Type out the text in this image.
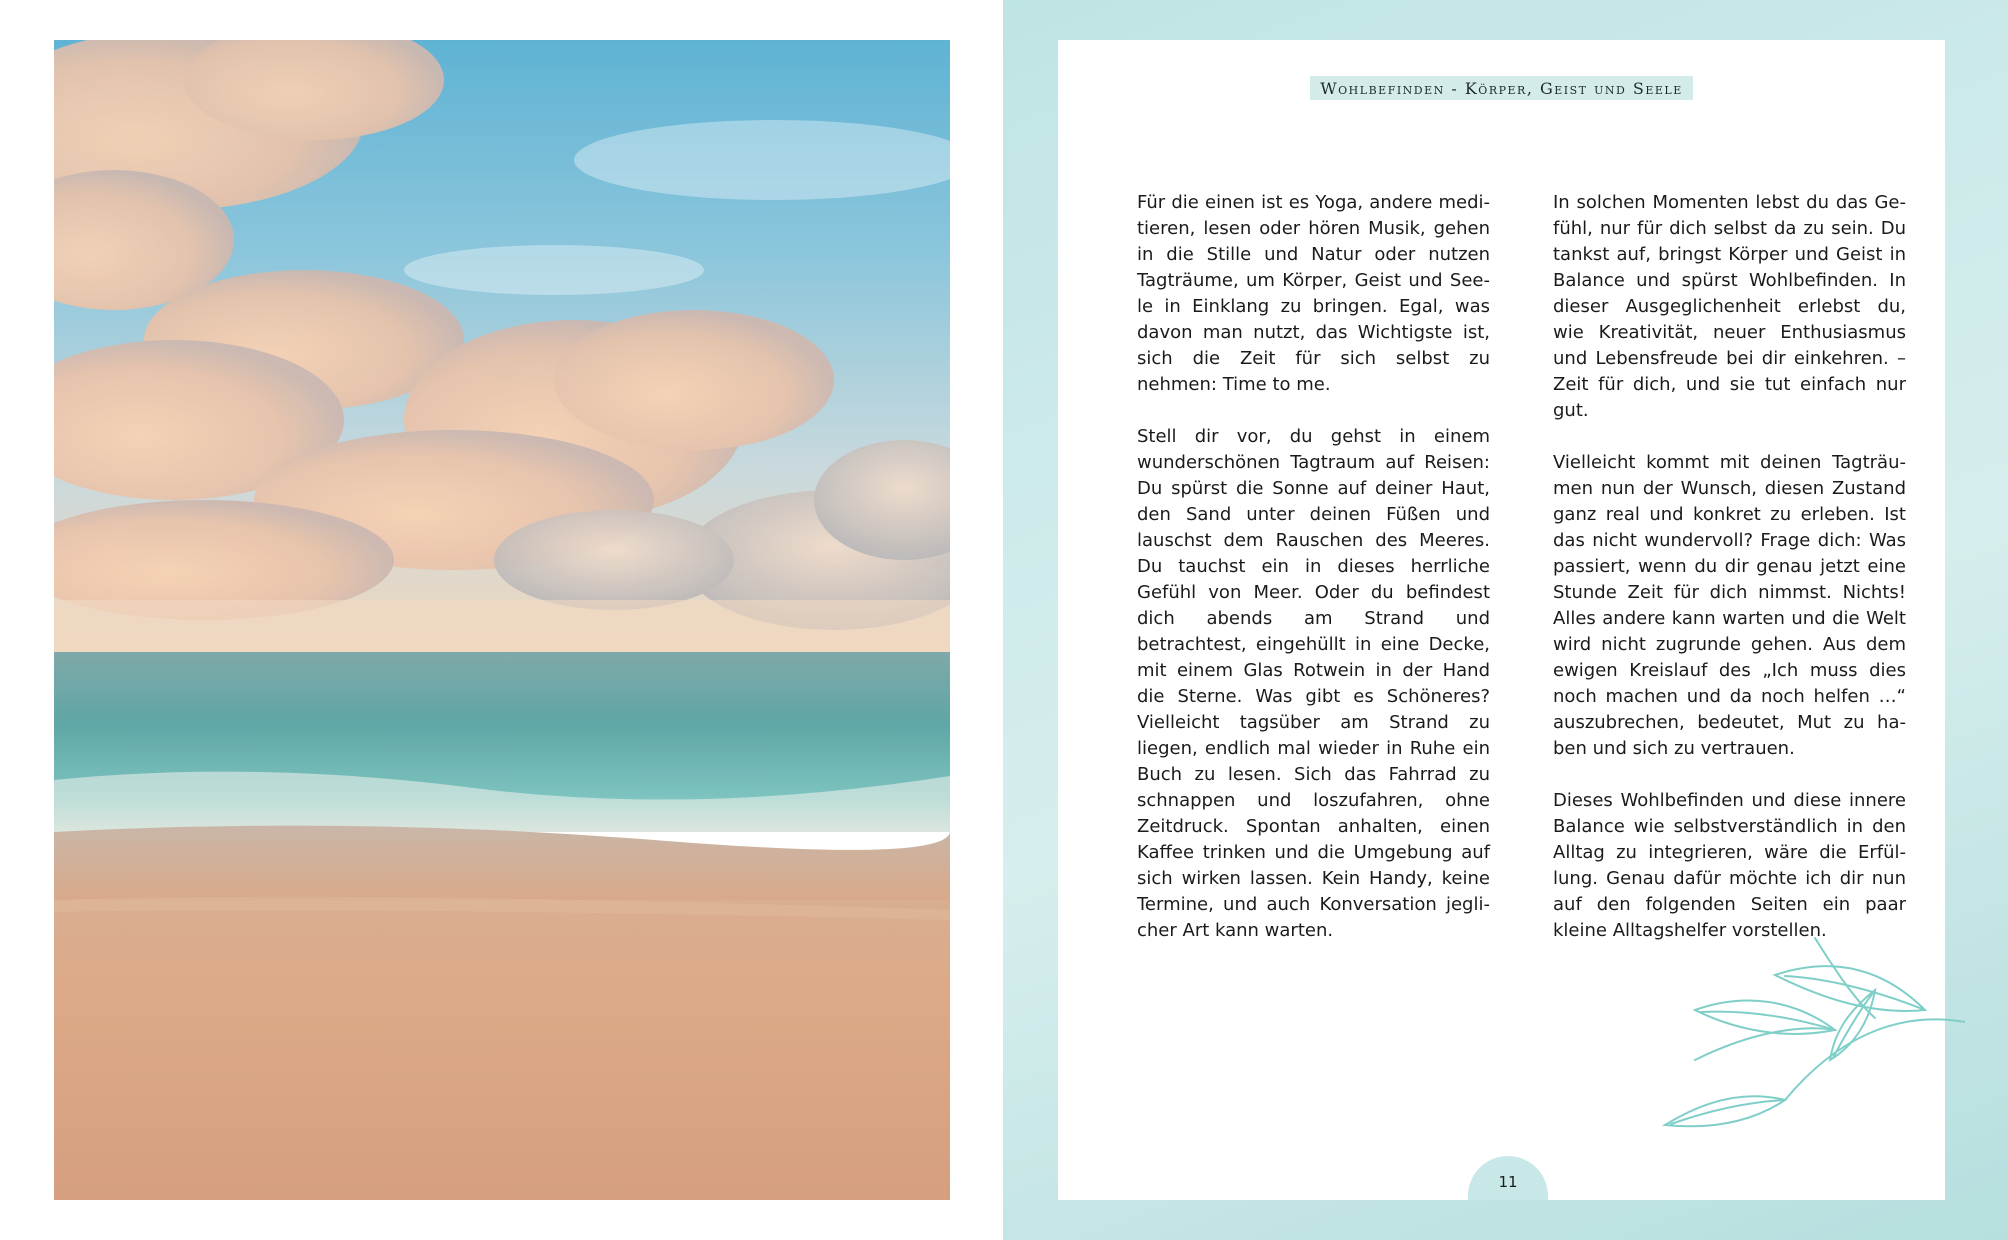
Wohlbefinden - Körper, Geist und Seele

Für die einen ist es Yoga, andere meditieren, lesen oder hören Musik, gehen in die Stille und Natur oder nutzen Tagträume, um Körper, Geist und Seele in Einklang zu bringen. Egal, was davon man nutzt, das Wichtigste ist, sich die Zeit für sich selbst zu nehmen: Time to me.

Stell dir vor, du gehst in einem wunderschönen Tagtraum auf Reisen: Du spürst die Sonne auf deiner Haut, den Sand unter deinen Füßen und lauschst dem Rauschen des Meeres. Du tauchst ein in dieses herrliche Gefühl von Meer. Oder du befindest dich abends am Strand und betrachtest, eingehüllt in eine Decke, mit einem Glas Rotwein in der Hand die Sterne. Was gibt es Schöneres? Vielleicht tagsüber am Strand zu liegen, endlich mal wieder in Ruhe ein Buch zu lesen. Sich das Fahrrad zu schnappen und loszufahren, ohne Zeitdruck. Spontan anhalten, einen Kaffee trinken und die Umgebung auf sich wirken lassen. Kein Handy, keine Termine, und auch Konversation jeglicher Art kann warten.

In solchen Momenten lebst du das Gefühl, nur für dich selbst da zu sein. Du tankst auf, bringst Körper und Geist in Balance und spürst Wohlbefinden. In dieser Ausgeglichenheit erlebst du, wie Kreativität, neuer Enthusiasmus und Lebensfreude bei dir einkehren. – Zeit für dich, und sie tut einfach nur gut.

Vielleicht kommt mit deinen Tagträumen nun der Wunsch, diesen Zustand ganz real und konkret zu erleben. Ist das nicht wundervoll? Frage dich: Was passiert, wenn du dir genau jetzt eine Stunde Zeit für dich nimmst. Nichts! Alles andere kann warten und die Welt wird nicht zugrunde gehen. Aus dem ewigen Kreislauf des „Ich muss dies noch machen und da noch helfen …“ auszubrechen, bedeutet, Mut zu haben und sich zu vertrauen.

Dieses Wohlbefinden und diese innere Balance wie selbstverständlich in den Alltag zu integrieren, wäre die Erfüllung. Genau dafür möchte ich dir nun auf den folgenden Seiten ein paar kleine Alltagshelfer vorstellen.

11
